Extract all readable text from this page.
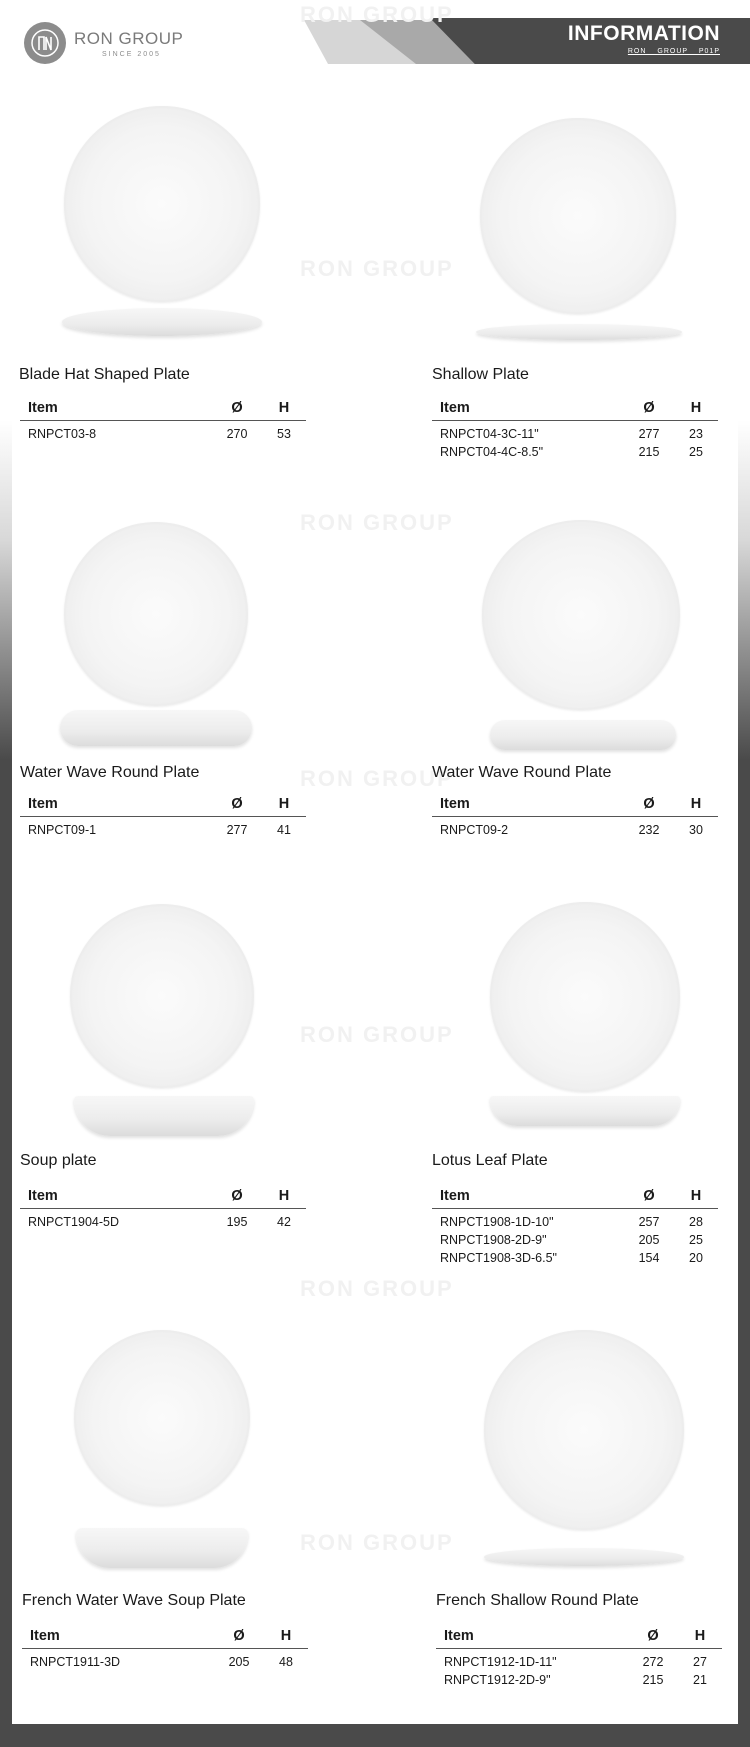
RON GROUP
SINCE 2005
INFORMATION
RON GROUP P01P
RON GROUP
RON GROUP
RON GROUP
RON GROUP
RON GROUP
RON GROUP
RON GROUP
Blade Hat Shaped Plate
Item	Ø	H
RNPCT03-8	270	53
Shallow Plate
Item	Ø	H
RNPCT04-3C-11"	277	23
RNPCT04-4C-8.5"	215	25
Water Wave Round Plate
Item	Ø	H
RNPCT09-1	277	41
Water Wave Round Plate
Item	Ø	H
RNPCT09-2	232	30
Soup plate
Item	Ø	H
RNPCT1904-5D	195	42
Lotus Leaf Plate
Item	Ø	H
RNPCT1908-1D-10"	257	28
RNPCT1908-2D-9"	205	25
RNPCT1908-3D-6.5"	154	20
French Water Wave Soup Plate
Item	Ø	H
RNPCT1911-3D	205	48
French Shallow Round Plate
Item	Ø	H
RNPCT1912-1D-11"	272	27
RNPCT1912-2D-9"	215	21
